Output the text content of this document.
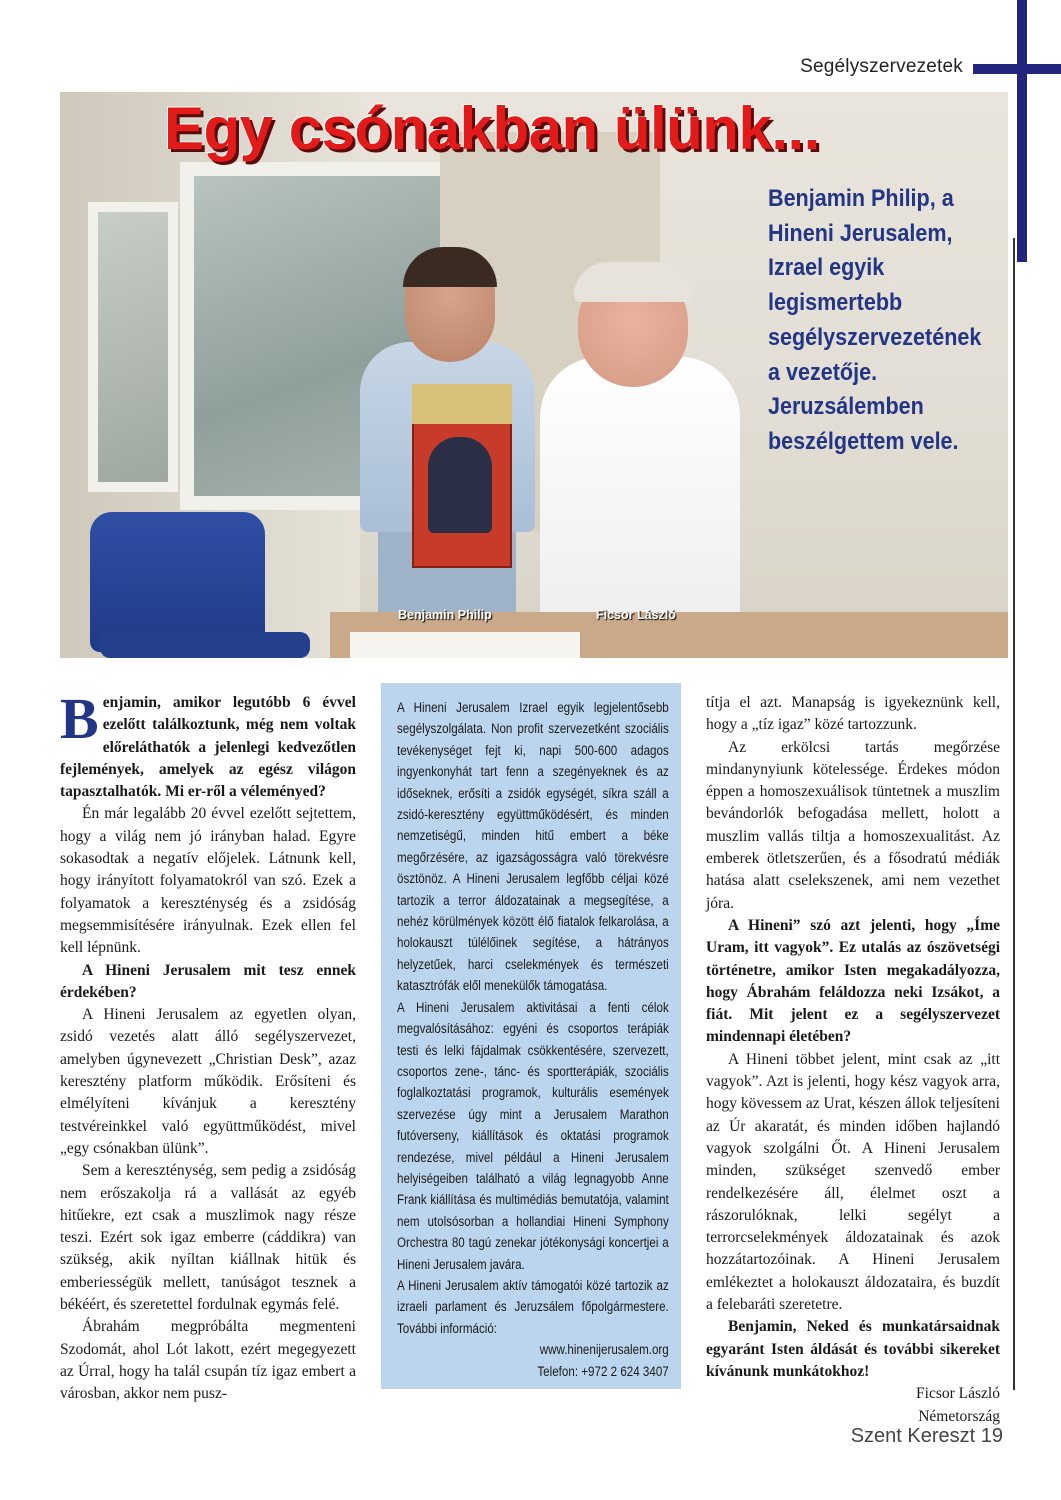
Segélyszervezetek
Egy csónakban ülünk...
Benjamin Philip, a Hineni Jerusalem, Izrael egyik legismertebb segélyszervezetének a vezetője. Jeruzsálemben beszélgettem vele.
Benjamin Philip	Ficsor László

Benjamin, amikor legutóbb 6 évvel ezelőtt találkoztunk, még nem voltak előreláthatók a jelenlegi kedvezőtlen fejlemények, amelyek az egész világon tapasztalhatók. Mi er-ről a véleményed?

Én már legalább 20 évvel ezelőtt sejtettem, hogy a világ nem jó irányban halad. Egyre sokasodtak a negatív előjelek. Látnunk kell, hogy irányított folyamatokról van szó. Ezek a folyamatok a kereszténység és a zsidóság megsemmisítésére irányulnak. Ezek ellen fel kell lépnünk.

A Hineni Jerusalem mit tesz ennek érdekében?

A Hineni Jerusalem az egyetlen olyan, zsidó vezetés alatt álló segélyszervezet, amelyben úgynevezett „Christian Desk”, azaz keresztény platform működik. Erősíteni és elmélyíteni kívánjuk a keresztény testvéreinkkel való együttműködést, mivel „egy csónakban ülünk”.

Sem a kereszténység, sem pedig a zsidóság nem erőszakolja rá a vallását az egyéb hitűekre, ezt csak a muszlimok nagy része teszi. Ezért sok igaz emberre (cáddikra) van szükség, akik nyíltan kiállnak hitük és emberiességük mellett, tanúságot tesznek a békéért, és szeretettel fordulnak egymás felé.

Ábrahám megpróbálta megmenteni Szodomát, ahol Lót lakott, ezért megegyezett az Úrral, hogy ha talál csupán tíz igaz embert a városban, akkor nem pusz-

A Hineni Jerusalem Izrael egyik legjelentősebb segélyszolgálata. Non profit szervezetként szociális tevékenységet fejt ki, napi 500-600 adagos ingyenkonyhát tart fenn a szegényeknek és az időseknek, erősíti a zsidók egységét, síkra száll a zsidó-keresztény együttműködésért, és minden nemzetiségű, minden hitű embert a béke megőrzésére, az igazságosságra való törekvésre ösztönöz. A Hineni Jerusalem legfőbb céljai közé tartozik a terror áldozatainak a megsegítése, a nehéz körülmények között élő fiatalok felkarolása, a holokauszt túlélőinek segítése, a hátrányos helyzetűek, harci cselekmények és természeti katasztrófák elől menekülők támogatása.

A Hineni Jerusalem aktivitásai a fenti célok megvalósításához: egyéni és csoportos terápiák testi és lelki fájdalmak csökkentésére, szervezett, csoportos zene-, tánc- és sportterápiák, szociális foglalkoztatási programok, kulturális események szervezése úgy mint a Jerusalem Marathon futóverseny, kiállítások és oktatási programok rendezése, mivel például a Hineni Jerusalem helyiségeiben található a világ legnagyobb Anne Frank kiállítása és multimédiás bemutatója, valamint nem utolsósorban a hollandiai Hineni Symphony Orchestra 80 tagú zenekar jótékonysági koncertjei a Hineni Jerusalem javára.

A Hineni Jerusalem aktív támogatói közé tartozik az izraeli parlament és Jeruzsálem főpolgármestere. További információ:

www.hinenijerusalem.org

Telefon: +972 2 624 3407

títja el azt. Manapság is igyekeznünk kell, hogy a „tíz igaz” közé tartozzunk.

Az erkölcsi tartás megőrzése mindanynyiunk kötelessége. Érdekes módon éppen a homoszexuálisok tüntetnek a muszlim bevándorlók befogadása mellett, holott a muszlim vallás tiltja a homoszexualitást. Az emberek ötletszerűen, és a fősodratú médiák hatása alatt cselekszenek, ami nem vezethet jóra.

A Hineni” szó azt jelenti, hogy „Íme Uram, itt vagyok”. Ez utalás az ószövetségi történetre, amikor Isten megakadályozza, hogy Ábrahám feláldozza neki Izsákot, a fiát. Mit jelent ez a segélyszervezet mindennapi életében?

A Hineni többet jelent, mint csak az „itt vagyok”. Azt is jelenti, hogy kész vagyok arra, hogy kövessem az Urat, készen állok teljesíteni az Úr akaratát, és minden időben hajlandó vagyok szolgálni Őt. A Hineni Jerusalem minden, szükséget szenvedő ember rendelkezésére áll, élelmet oszt a rászorulóknak, lelki segélyt a terrorcselekmények áldozatainak és azok hozzátartozóinak. A Hineni Jerusalem emlékeztet a holokauszt áldozataira, és buzdít a felebaráti szeretetre.

Benjamin, Neked és munkatársaidnak egyaránt Isten áldását és további sikereket kívánunk munkátokhoz!

Ficsor László

Németország

Szent Kereszt 19
